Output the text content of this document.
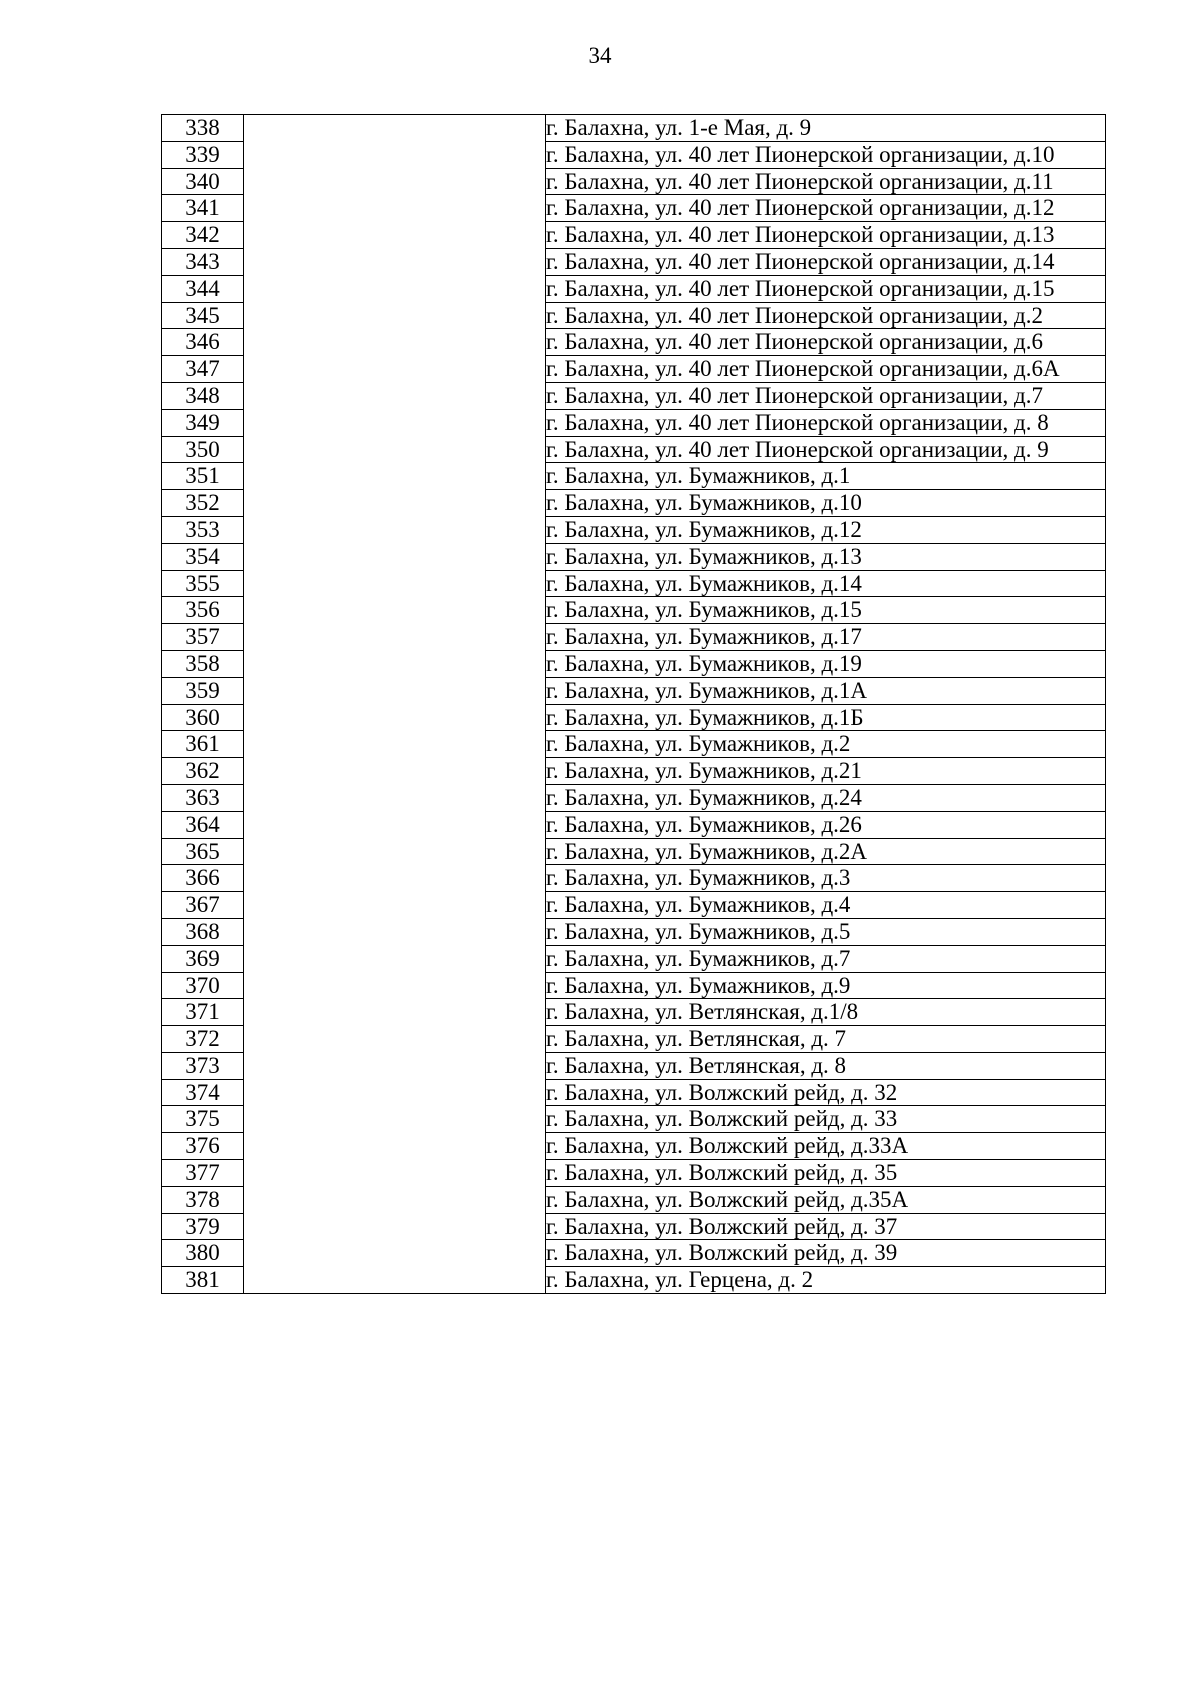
34
338		г. Балахна, ул. 1-е Мая, д. 9
339		г. Балахна, ул. 40 лет Пионерской организации, д.10
340		г. Балахна, ул. 40 лет Пионерской организации, д.11
341		г. Балахна, ул. 40 лет Пионерской организации, д.12
342		г. Балахна, ул. 40 лет Пионерской организации, д.13
343		г. Балахна, ул. 40 лет Пионерской организации, д.14
344		г. Балахна, ул. 40 лет Пионерской организации, д.15
345		г. Балахна, ул. 40 лет Пионерской организации, д.2
346		г. Балахна, ул. 40 лет Пионерской организации, д.6
347		г. Балахна, ул. 40 лет Пионерской организации, д.6А
348		г. Балахна, ул. 40 лет Пионерской организации, д.7
349		г. Балахна, ул. 40 лет Пионерской организации, д. 8
350		г. Балахна, ул. 40 лет Пионерской организации, д. 9
351		г. Балахна, ул. Бумажников, д.1
352		г. Балахна, ул. Бумажников, д.10
353		г. Балахна, ул. Бумажников, д.12
354		г. Балахна, ул. Бумажников, д.13
355		г. Балахна, ул. Бумажников, д.14
356		г. Балахна, ул. Бумажников, д.15
357		г. Балахна, ул. Бумажников, д.17
358		г. Балахна, ул. Бумажников, д.19
359		г. Балахна, ул. Бумажников, д.1А
360		г. Балахна, ул. Бумажников, д.1Б
361		г. Балахна, ул. Бумажников, д.2
362		г. Балахна, ул. Бумажников, д.21
363		г. Балахна, ул. Бумажников, д.24
364		г. Балахна, ул. Бумажников, д.26
365		г. Балахна, ул. Бумажников, д.2А
366		г. Балахна, ул. Бумажников, д.3
367		г. Балахна, ул. Бумажников, д.4
368		г. Балахна, ул. Бумажников, д.5
369		г. Балахна, ул. Бумажников, д.7
370		г. Балахна, ул. Бумажников, д.9
371		г. Балахна, ул. Ветлянская, д.1/8
372		г. Балахна, ул. Ветлянская, д. 7
373		г. Балахна, ул. Ветлянская, д. 8
374		г. Балахна, ул. Волжский рейд, д. 32
375		г. Балахна, ул. Волжский рейд, д. 33
376		г. Балахна, ул. Волжский рейд, д.33А
377		г. Балахна, ул. Волжский рейд, д. 35
378		г. Балахна, ул. Волжский рейд, д.35А
379		г. Балахна, ул. Волжский рейд, д. 37
380		г. Балахна, ул. Волжский рейд, д. 39
381		г. Балахна, ул. Герцена, д. 2
